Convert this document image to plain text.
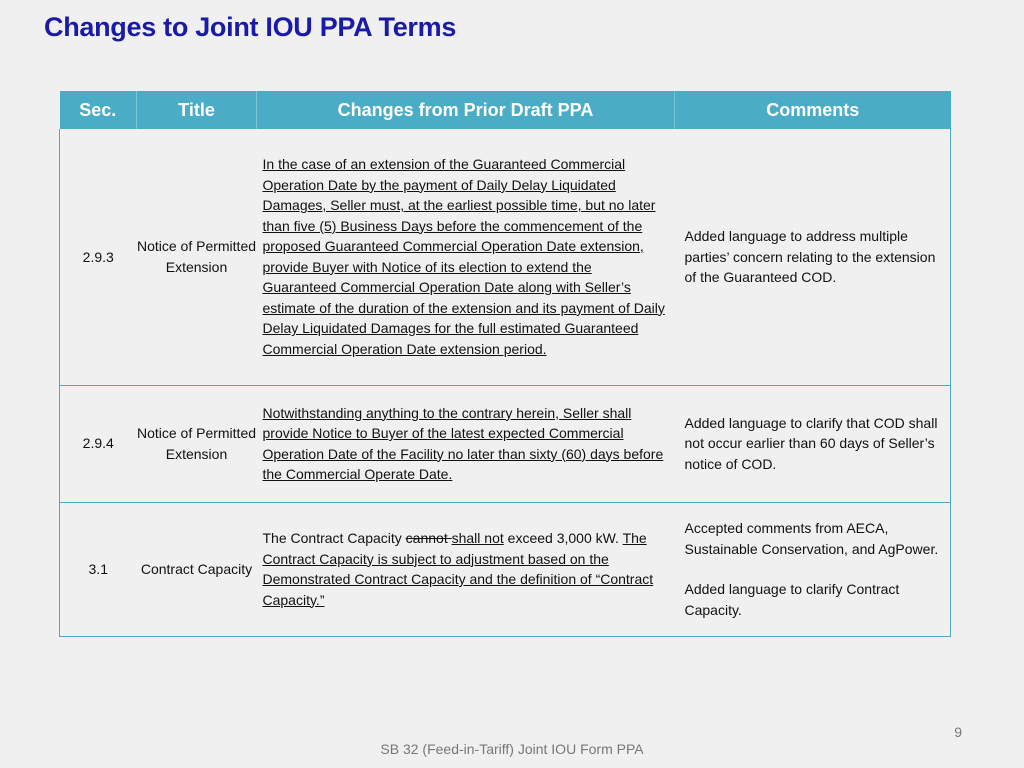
Changes to Joint IOU PPA Terms
Sec.	Title	Changes from Prior Draft PPA	Comments
2.9.3	Notice of Permitted Extension	In the case of an extension of the Guaranteed Commercial Operation Date by the payment of Daily Delay Liquidated Damages, Seller must, at the earliest possible time, but no later than five (5) Business Days before the commencement of the proposed Guaranteed Commercial Operation Date extension, provide Buyer with Notice of its election to extend the Guaranteed Commercial Operation Date along with Seller’s estimate of the duration of the extension and its payment of Daily Delay Liquidated Damages for the full estimated Guaranteed Commercial Operation Date extension period.	Added language to address multiple parties’ concern relating to the extension of the Guaranteed COD.

2.9.4	Notice of Permitted Extension	Notwithstanding anything to the contrary herein, Seller shall provide Notice to Buyer of the latest expected Commercial Operation Date of the Facility no later than sixty (60) days before the Commercial Operate Date.	Added language to clarify that COD shall not occur earlier than 60 days of Seller’s notice of COD.

3.1	Contract Capacity	The Contract Capacity cannot shall not exceed 3,000 kW. The Contract Capacity is subject to adjustment based on the Demonstrated Contract Capacity and the definition of “Contract Capacity.”	Accepted comments from AECA, Sustainable Conservation, and AgPower.
Added language to clarify Contract Capacity.
9
SB 32 (Feed-in-Tariff) Joint IOU Form PPA
